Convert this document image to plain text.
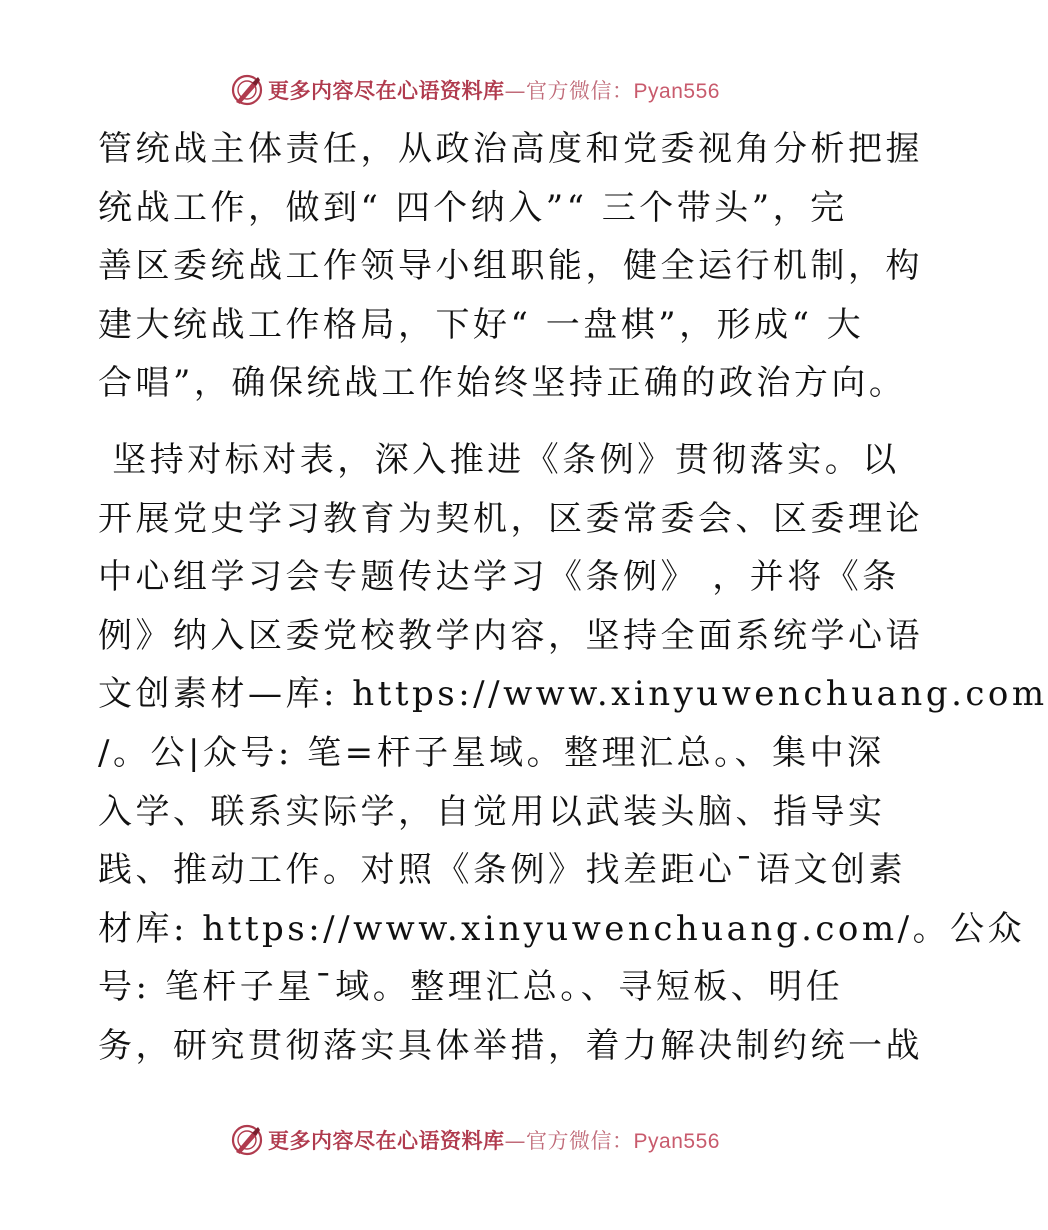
更多内容尽在心语资料库—官方微信：Pyan556
管统战主体责任，从政治高度和党委视角分析把握
统战工作，做到“ 四个纳入”“ 三个带头”，完
善区委统战工作领导小组职能，健全运行机制，构
建大统战工作格局，下好“ 一盘棋”，形成“ 大
合唱”，确保统战工作始终坚持正确的政治方向。
坚持对标对表，深入推进《条例》贯彻落实。以
开展党史学习教育为契机，区委常委会、区委理论
中心组学习会专题传达学习《条例》 ，并将《条
例》纳入区委党校教学内容，坚持全面系统学心语
文创素材—库: https://www.xinyuwenchuang.com
/。公|众号: 笔=杆子星域。整理汇总。、集中深
入学、联系实际学，自觉用以武装头脑、指导实
践、推动工作。对照《条例》找差距心¯语文创素
材库: https://www.xinyuwenchuang.com/。公众
号: 笔杆子星¯域。整理汇总。、寻短板、明任
务，研究贯彻落实具体举措，着力解决制约统一战
更多内容尽在心语资料库—官方微信：Pyan556
